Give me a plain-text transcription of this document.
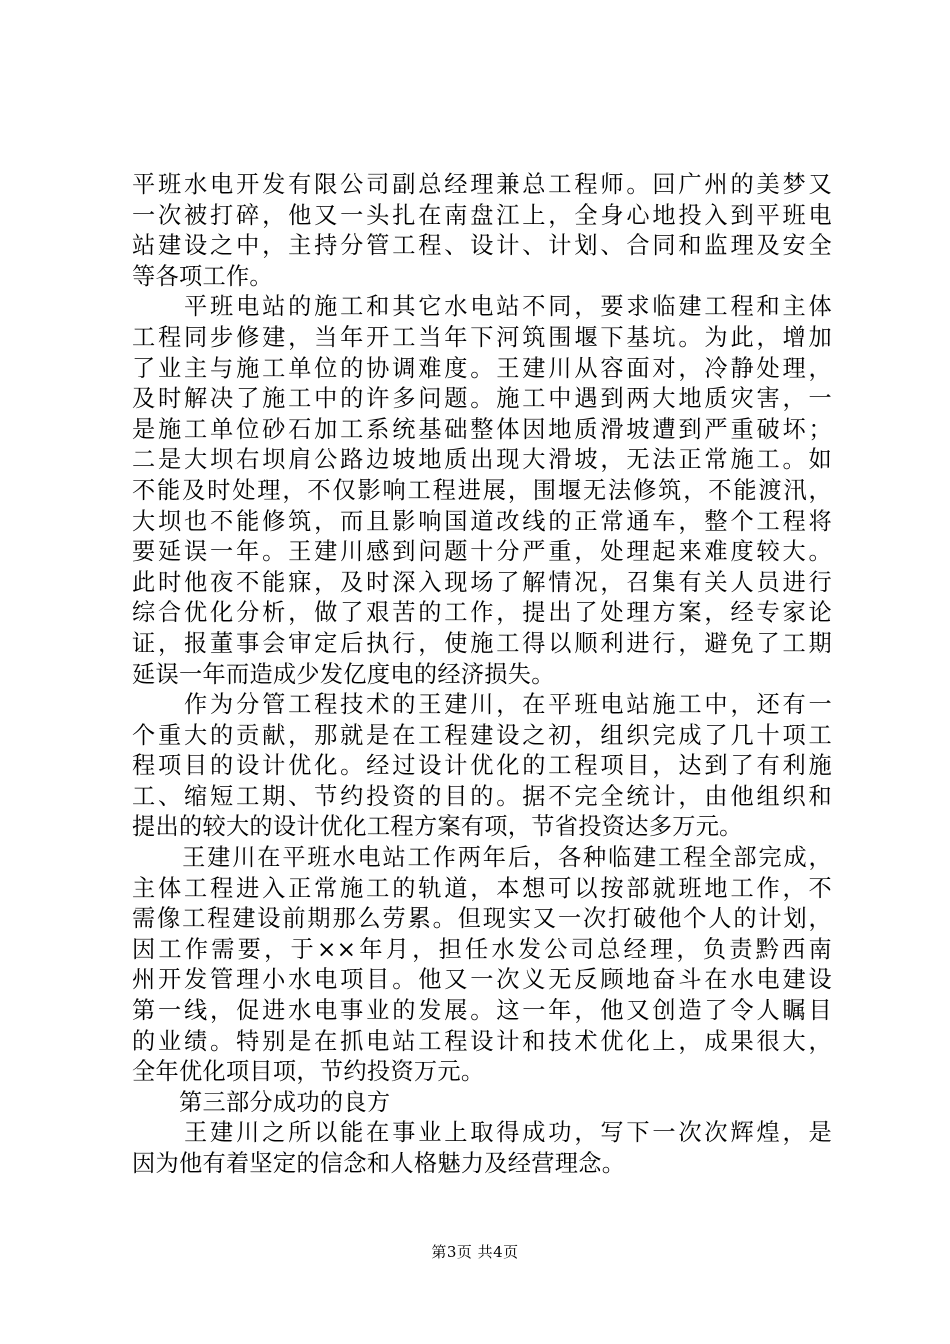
平班水电开发有限公司副总经理兼总工程师。回广州的美梦又
一次被打碎，他又一头扎在南盘江上，全身心地投入到平班电
站建设之中，主持分管工程、设计、计划、合同和监理及安全
等各项工作。
　　平班电站的施工和其它水电站不同，要求临建工程和主体
工程同步修建，当年开工当年下河筑围堰下基坑。为此，增加
了业主与施工单位的协调难度。王建川从容面对，冷静处理，
及时解决了施工中的许多问题。施工中遇到两大地质灾害，一
是施工单位砂石加工系统基础整体因地质滑坡遭到严重破坏；
二是大坝右坝肩公路边坡地质出现大滑坡，无法正常施工。如
不能及时处理，不仅影响工程进展，围堰无法修筑，不能渡汛，
大坝也不能修筑，而且影响国道改线的正常通车，整个工程将
要延误一年。王建川感到问题十分严重，处理起来难度较大。
此时他夜不能寐，及时深入现场了解情况，召集有关人员进行
综合优化分析，做了艰苦的工作，提出了处理方案，经专家论
证，报董事会审定后执行，使施工得以顺利进行，避免了工期
延误一年而造成少发亿度电的经济损失。
　　作为分管工程技术的王建川，在平班电站施工中，还有一
个重大的贡献，那就是在工程建设之初，组织完成了几十项工
程项目的设计优化。经过设计优化的工程项目，达到了有利施
工、缩短工期、节约投资的目的。据不完全统计，由他组织和
提出的较大的设计优化工程方案有项，节省投资达多万元。
　　王建川在平班水电站工作两年后，各种临建工程全部完成，
主体工程进入正常施工的轨道，本想可以按部就班地工作，不
需像工程建设前期那么劳累。但现实又一次打破他个人的计划，
因工作需要，于××年月，担任水发公司总经理，负责黔西南
州开发管理小水电项目。他又一次义无反顾地奋斗在水电建设
第一线，促进水电事业的发展。这一年，他又创造了令人瞩目
的业绩。特别是在抓电站工程设计和技术优化上，成果很大，
全年优化项目项，节约投资万元。
　　第三部分成功的良方
　　王建川之所以能在事业上取得成功，写下一次次辉煌，是
因为他有着坚定的信念和人格魅力及经营理念。
第3页 共4页
